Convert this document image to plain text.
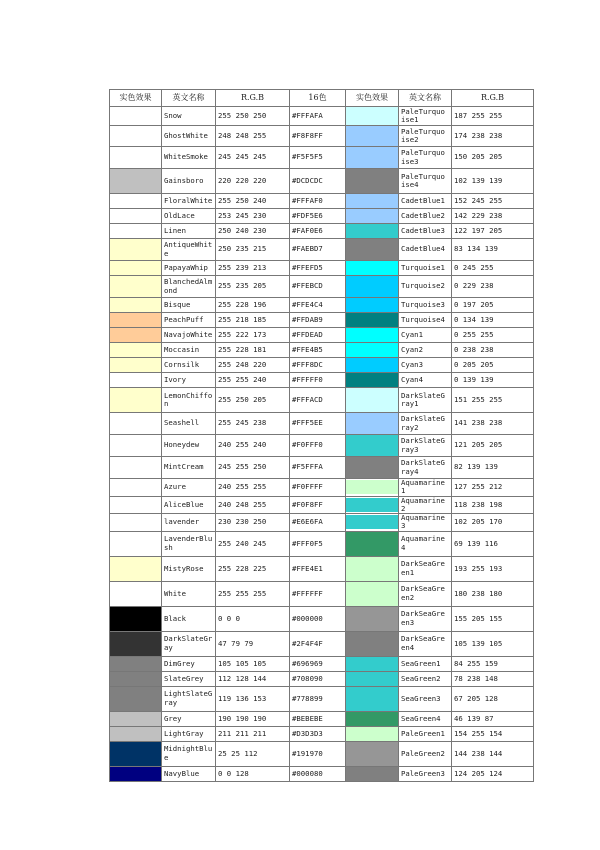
实色效果	英文名称	R.G.B	16色	实色效果	英文名称	R.G.B

	Snow	255 250 250	#FFFAFA		PaleTurquoise1	187 255 255

	GhostWhite	248 248 255	#F8F8FF		PaleTurquoise2	174 238 238

	WhiteSmoke	245 245 245	#F5F5F5		PaleTurquoise3	150 205 205

	Gainsboro	220 220 220	#DCDCDC		PaleTurquoise4	102 139 139

	FloralWhite	255 250 240	#FFFAF0		CadetBlue1	152 245 255

	OldLace	253 245 230	#FDF5E6		CadetBlue2	142 229 238

	Linen	250 240 230	#FAF0E6		CadetBlue3	122 197 205

	AntiqueWhite	250 235 215	#FAEBD7		CadetBlue4	83 134 139

	PapayaWhip	255 239 213	#FFEFD5		Turquoise1	0 245 255

	BlanchedAlmond	255 235 205	#FFEBCD		Turquoise2	0 229 238

	Bisque	255 228 196	#FFE4C4		Turquoise3	0 197 205

	PeachPuff	255 218 185	#FFDAB9		Turquoise4	0 134 139

	NavajoWhite	255 222 173	#FFDEAD		Cyan1	0 255 255

	Moccasin	255 228 181	#FFE4B5		Cyan2	0 238 238

	Cornsilk	255 248 220	#FFF8DC		Cyan3	0 205 205

	Ivory	255 255 240	#FFFFF0		Cyan4	0 139 139

	LemonChiffon	255 250 205	#FFFACD		DarkSlateGray1	151 255 255

	Seashell	255 245 238	#FFF5EE		DarkSlateGray2	141 238 238

	Honeydew	240 255 240	#F0FFF0		DarkSlateGray3	121 205 205

	MintCream	245 255 250	#F5FFFA		DarkSlateGray4	82 139 139

	Azure	240 255 255	#F0FFFF		Aquamarine1	127 255 212

	AliceBlue	240 248 255	#F0F8FF		Aquamarine2	118 238 198

	lavender	230 230 250	#E6E6FA		Aquamarine3	102 205 170

	LavenderBlush	255 240 245	#FFF0F5		Aquamarine4	69 139 116

	MistyRose	255 228 225	#FFE4E1		DarkSeaGreen1	193 255 193

	White	255 255 255	#FFFFFF		DarkSeaGreen2	180 238 180

	Black	0 0 0	#000000		DarkSeaGreen3	155 205 155

	DarkSlateGray	47 79 79	#2F4F4F		DarkSeaGreen4	105 139 105

	DimGrey	105 105 105	#696969		SeaGreen1	84 255 159

	SlateGrey	112 128 144	#708090		SeaGreen2	78 238 148

	LightSlateGray	119 136 153	#778899		SeaGreen3	67 205 128

	Grey	190 190 190	#BEBEBE		SeaGreen4	46 139 87

	LightGray	211 211 211	#D3D3D3		PaleGreen1	154 255 154

	MidnightBlue	25 25 112	#191970		PaleGreen2	144 238 144

	NavyBlue	0 0 128	#000080		PaleGreen3	124 205 124
